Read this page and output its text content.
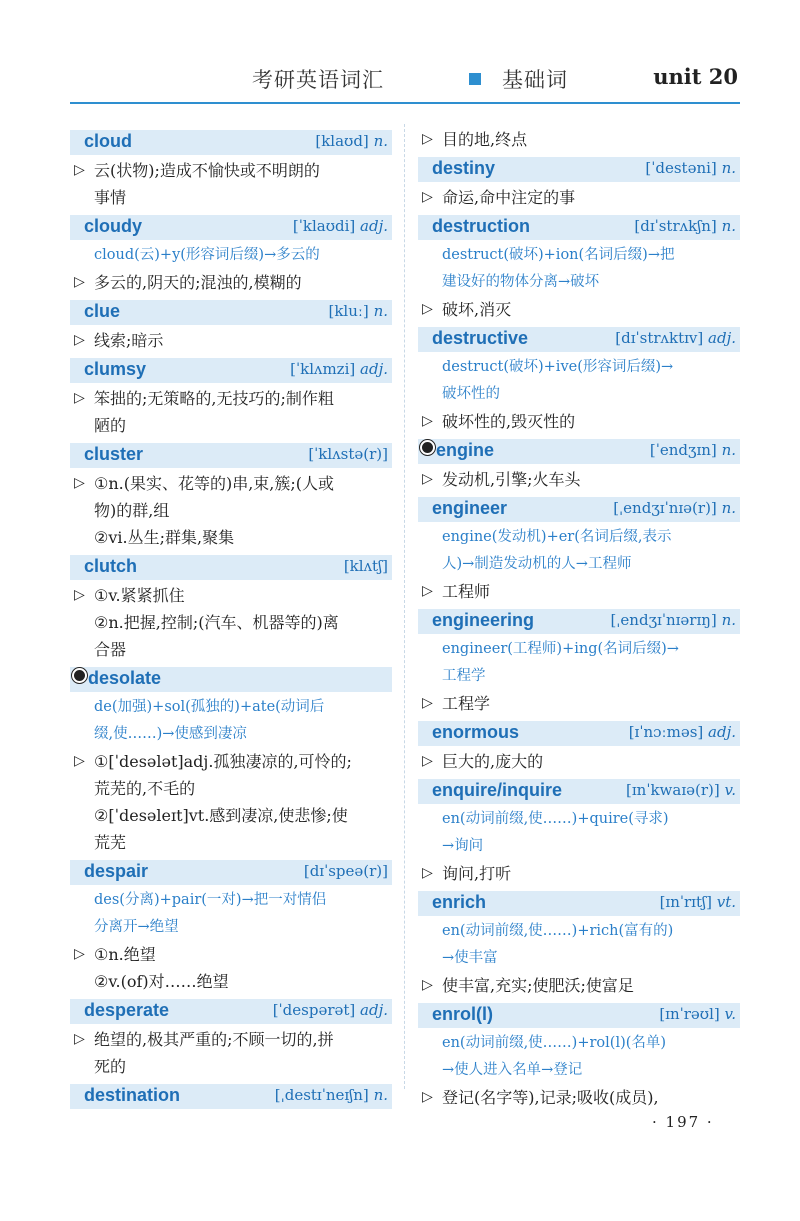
考研英语词汇	基础词	unit 20
cloud	[klaʊd] n.
▷ 云(状物);造成不愉快或不明朗的
事情
cloudy	[ˈklaʊdi] adj.
cloud(云)+y(形容词后缀)→多云的
▷ 多云的,阴天的;混浊的,模糊的
clue	[kluː] n.
▷ 线索;暗示
clumsy	[ˈklʌmzi] adj.
▷ 笨拙的;无策略的,无技巧的;制作粗
陋的
cluster	[ˈklʌstə(r)]
▷ ①n.(果实、花等的)串,束,簇;(人或
物)的群,组
②vi.丛生;群集,聚集
clutch	[klʌtʃ]
▷ ①v.紧紧抓住
②n.把握,控制;(汽车、机器等的)离
合器
desolate
de(加强)+sol(孤独的)+ate(动词后
缀,使……)→使感到凄凉
▷ ①[ˈdesələt]adj.孤独凄凉的,可怜的;
荒芜的,不毛的
②[ˈdesəleɪt]vt.感到凄凉,使悲惨;使
荒芜
despair	[dɪˈspeə(r)]
des(分离)+pair(一对)→把一对情侣
分离开→绝望
▷ ①n.绝望
②v.(of)对……绝望
desperate	[ˈdespərət] adj.
▷ 绝望的,极其严重的;不顾一切的,拼
死的
destination	[ˌdestɪˈneɪʃn] n.
▷ 目的地,终点
destiny	[ˈdestəni] n.
▷ 命运,命中注定的事
destruction	[dɪˈstrʌkʃn] n.
destruct(破坏)+ion(名词后缀)→把
建设好的物体分离→破坏
▷ 破坏,消灭
destructive	[dɪˈstrʌktɪv] adj.
destruct(破坏)+ive(形容词后缀)→
破坏性的
▷ 破坏性的,毁灭性的
engine	[ˈendʒɪn] n.
▷ 发动机,引擎;火车头
engineer	[ˌendʒɪˈnɪə(r)] n.
engine(发动机)+er(名词后缀,表示
人)→制造发动机的人→工程师
▷ 工程师
engineering	[ˌendʒɪˈnɪərɪŋ] n.
engineer(工程师)+ing(名词后缀)→
工程学
▷ 工程学
enormous	[ɪˈnɔːməs] adj.
▷ 巨大的,庞大的
enquire/inquire	[ɪnˈkwaɪə(r)] v.
en(动词前缀,使……)+quire(寻求)
→询问
▷ 询问,打听
enrich	[ɪnˈrɪtʃ] vt.
en(动词前缀,使……)+rich(富有的)
→使丰富
▷ 使丰富,充实;使肥沃;使富足
enrol(l)	[ɪnˈrəʊl] v.
en(动词前缀,使……)+rol(l)(名单)
→使人进入名单→登记
▷ 登记(名字等),记录;吸收(成员),
· 197 ·
